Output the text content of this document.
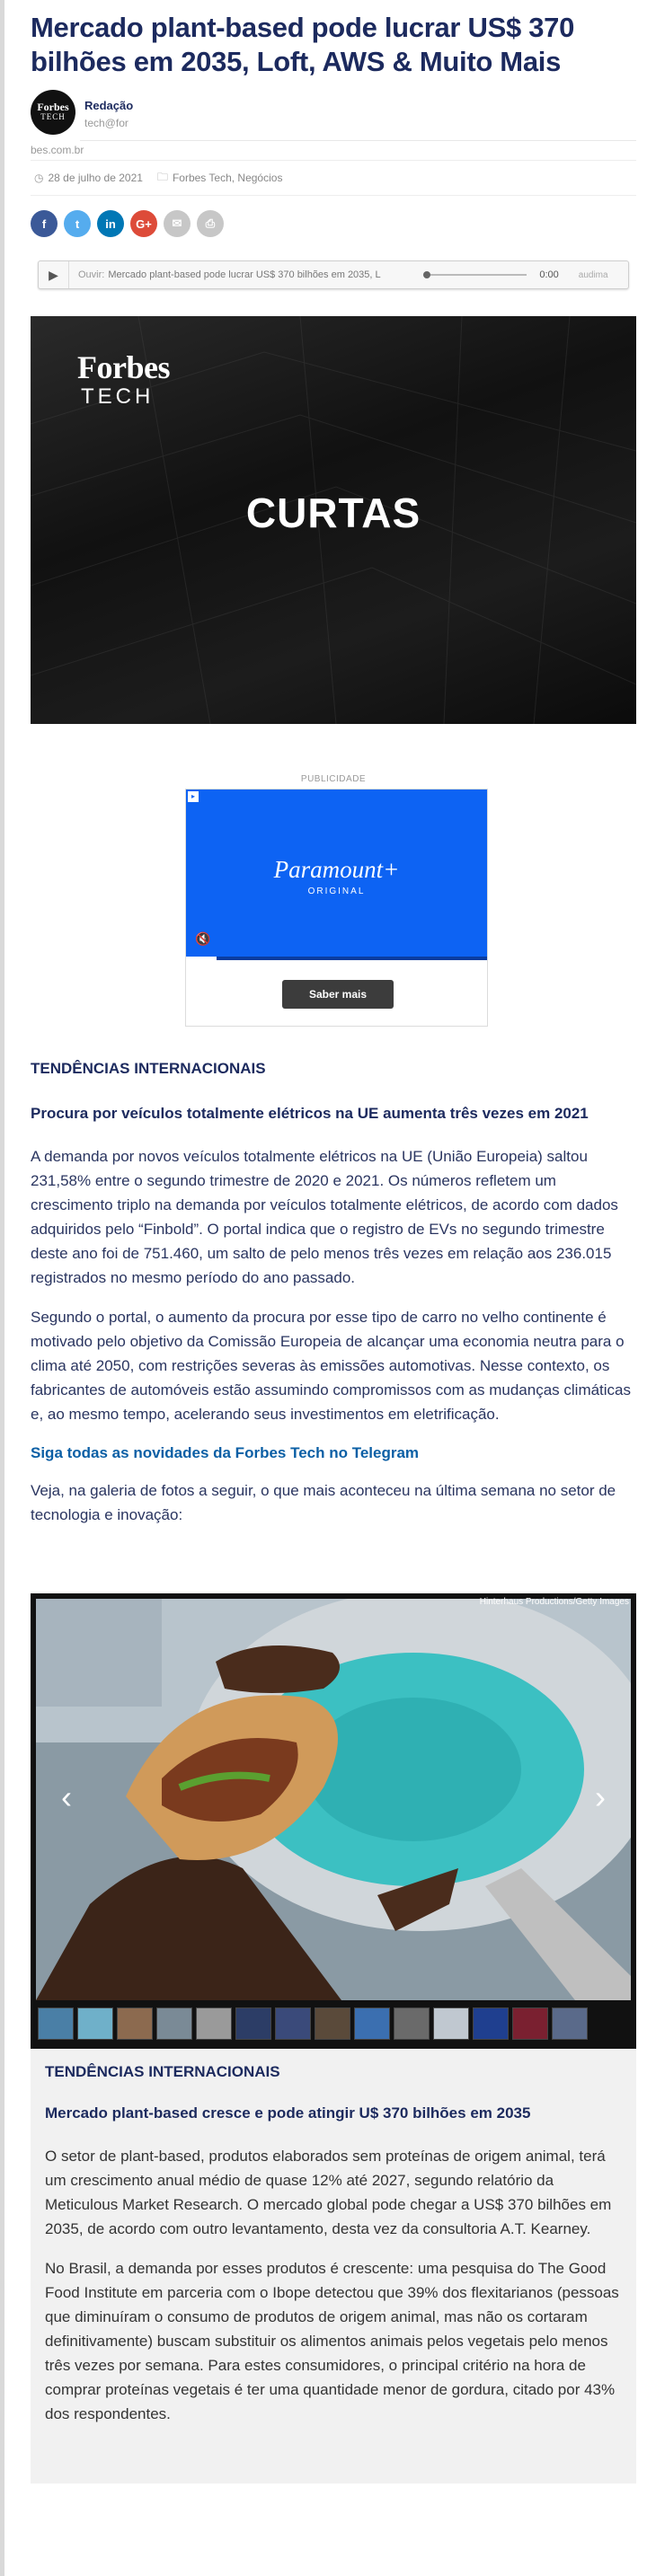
Mercado plant-based pode lucrar US$ 370 bilhões em 2035, Loft, AWS & Muito Mais
Forbes
TECH
Redação
tech@for
bes.com.br
◷ 28 de julho de 2021 🗀 Forbes Tech, Negócios
f	t in G+ ✉ ⎙
▶ Ouvir: Mercado plant-based pode lucrar US$ 370 bilhões em 2035, L	0:00 audima
Forbes
TECH
CURTAS
PUBLICIDADE
▸
Paramount+
ORIGINAL
🔇
Saber mais
TENDÊNCIAS INTERNACIONAIS
Procura por veículos totalmente elétricos na UE aumenta três vezes em 2021

A demanda por novos veículos totalmente elétricos na UE (União Europeia) saltou 231,58% entre o segundo trimestre de 2020 e 2021. Os números refletem um crescimento triplo na demanda por veículos totalmente elétricos, de acordo com dados adquiridos pelo “Finbold”. O portal indica que o registro de EVs no segundo trimestre deste ano foi de 751.460, um salto de pelo menos três vezes em relação aos 236.015 registrados no mesmo período do ano passado.

Segundo o portal, o aumento da procura por esse tipo de carro no velho continente é motivado pelo objetivo da Comissão Europeia de alcançar uma economia neutra para o clima até 2050, com restrições severas às emissões automotivas. Nesse contexto, os fabricantes de automóveis estão assumindo compromissos com as mudanças climáticas e, ao mesmo tempo, acelerando seus investimentos em eletrificação.

Siga todas as novidades da Forbes Tech no Telegram

Veja, na galeria de fotos a seguir, o que mais aconteceu na última semana no setor de tecnologia e inovação:

Hinterhaus Productions/Getty Images
‹	›
TENDÊNCIAS INTERNACIONAIS
Mercado plant-based cresce e pode atingir U$ 370 bilhões em 2035

O setor de plant-based, produtos elaborados sem proteínas de origem animal, terá um crescimento anual médio de quase 12% até 2027, segundo relatório da Meticulous Market Research. O mercado global pode chegar a US$ 370 bilhões em 2035, de acordo com outro levantamento, desta vez da consultoria A.T. Kearney.

No Brasil, a demanda por esses produtos é crescente: uma pesquisa do The Good Food Institute em parceria com o Ibope detectou que 39% dos flexitarianos (pessoas que diminuíram o consumo de produtos de origem animal, mas não os cortaram definitivamente) buscam substituir os alimentos animais pelos vegetais pelo menos três vezes por semana. Para estes consumidores, o principal critério na hora de comprar proteínas vegetais é ter uma quantidade menor de gordura, citado por 43% dos respondentes.
